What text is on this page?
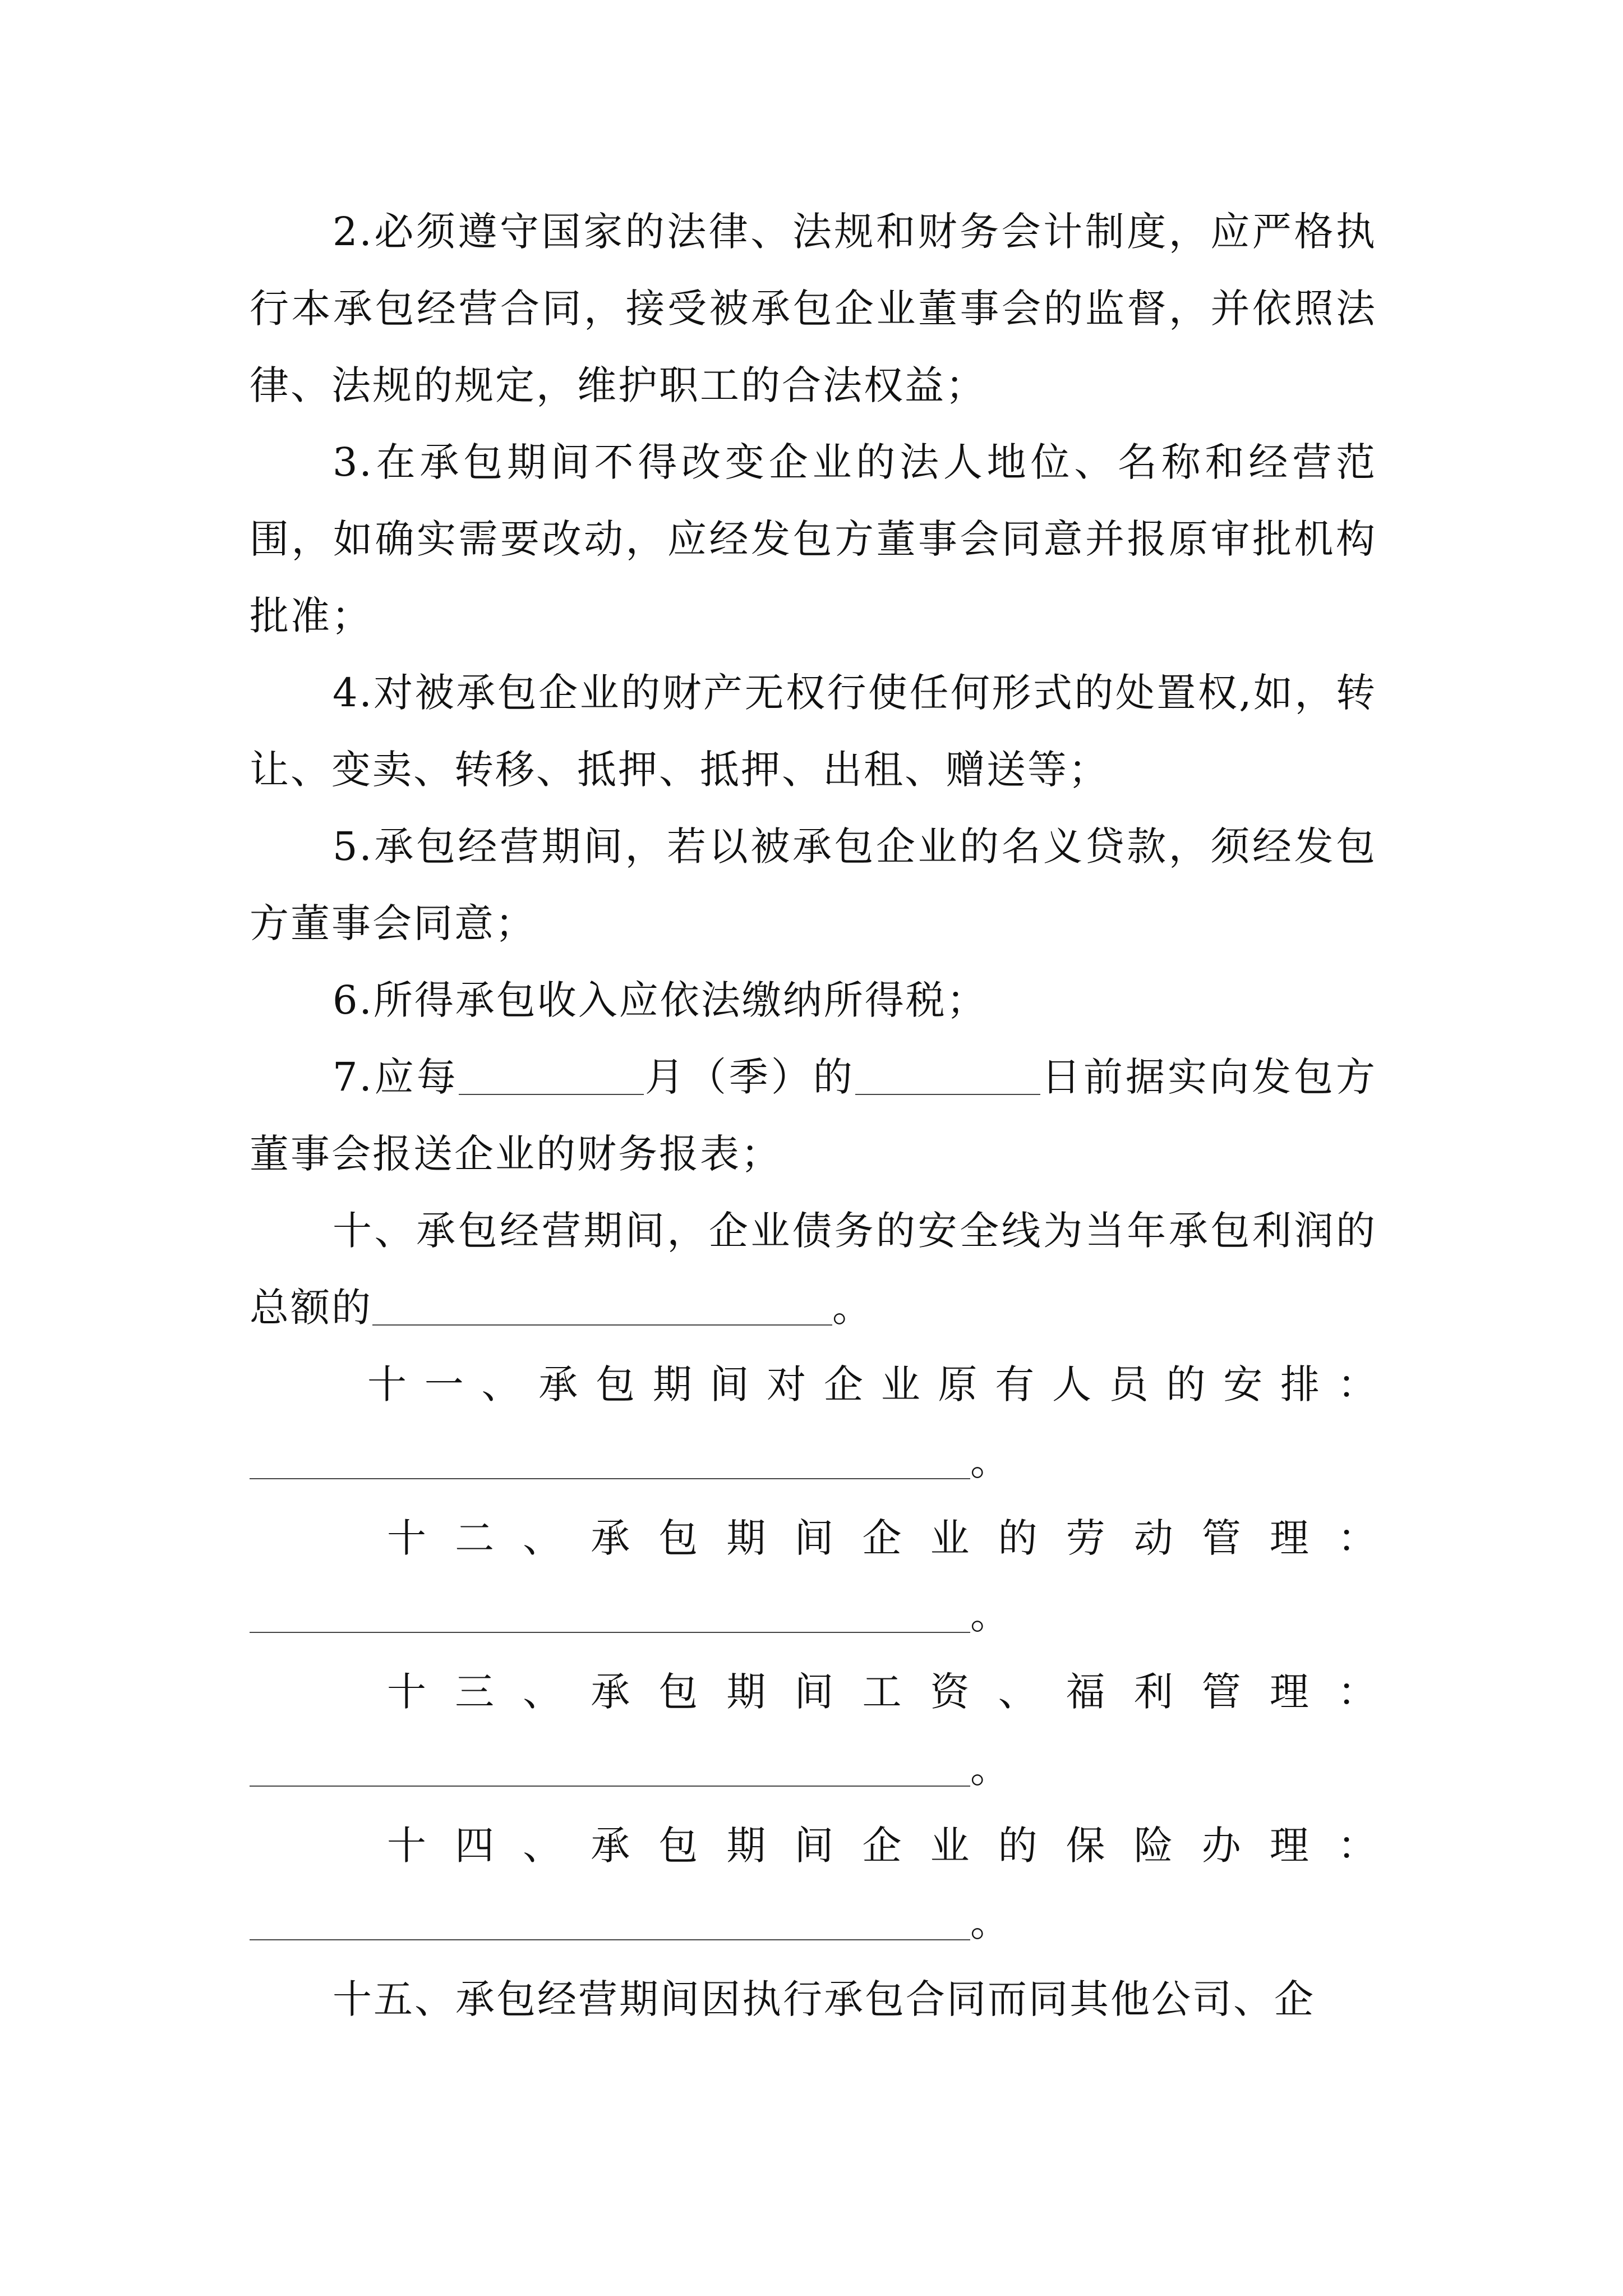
2.必须遵守国家的法律、法规和财务会计制度，应严格执行本承包经营合同，接受被承包企业董事会的监督，并依照法律、法规的规定，维护职工的合法权益；

3.在承包期间不得改变企业的法人地位、名称和经营范围，如确实需要改动，应经发包方董事会同意并报原审批机构批准；

4.对被承包企业的财产无权行使任何形式的处置权,如，转让、变卖、转移、抵押、抵押、出租、赠送等；

5.承包经营期间，若以被承包企业的名义贷款，须经发包方董事会同意；

6.所得承包收入应依法缴纳所得税；

7.应每	月（季）的	日前据实向发包方董事会报送企业的财务报表；

十、承包经营期间，企业债务的安全线为当年承包利润的总额的	。

十 一 、 承 包 期 间 对 企 业 原 有 人 员 的 安 排 ：

。

十 二 、 承 包 期 间 企 业 的 劳 动 管 理 ：

。

十 三 、 承 包 期 间 工 资 、 福 利 管 理 ：

。

十 四 、 承 包 期 间 企 业 的 保 险 办 理 ：

。

十五、承包经营期间因执行承包合同而同其他公司、企
